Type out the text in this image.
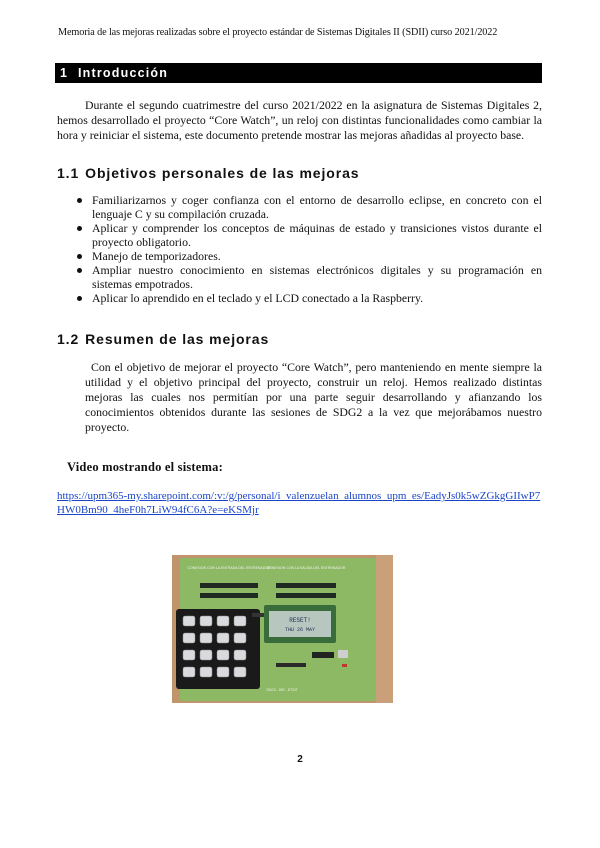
Memoria de las mejoras realizadas sobre el proyecto estándar de Sistemas Digitales II (SDII) curso 2021/2022
1 Introducción

Durante el segundo cuatrimestre del curso 2021/2022 en la asignatura de Sistemas Digitales 2, hemos desarrollado el proyecto “Core Watch”, un reloj con distintas funcionalidades como cambiar la hora y reiniciar el sistema, este documento pretende mostrar las mejoras añadidas al proyecto base.

1.1 Objetivos personales de las mejoras
Familiarizarnos y coger confianza con el entorno de desarrollo eclipse, en concreto con el lenguaje C y su compilación cruzada.
Aplicar y comprender los conceptos de máquinas de estado y transiciones vistos durante el proyecto obligatorio.
Manejo de temporizadores.
Ampliar nuestro conocimiento en sistemas electrónicos digitales y su programación en sistemas empotrados.
Aplicar lo aprendido en el teclado y el LCD conectado a la Raspberry.
1.2 Resumen de las mejoras

Con el objetivo de mejorar el proyecto “Core Watch”, pero manteniendo en mente siempre la utilidad y el objetivo principal del proyecto, construir un reloj. Hemos realizado distintas mejoras las cuales nos permitían por una parte seguir desarrollando y afianzando los conocimientos obtenidos durante las sesiones de SDG2 a la vez que mejorábamos nuestro proyecto.

Video mostrando el sistema:
https://upm365-my.sharepoint.com/:v:/g/personal/i_valenzuelan_alumnos_upm_es/EadyJs0k5wZGkgGIIwP7HW0Bm90_4heF0h7LiW94fC6A?e=eKSMjr
CONEXION CON LA ENTRADA DEL ENTRENADOR
CONEXION CON LA SALIDA DEL ENTRENADOR
RESET!
THU 26 MAY
SDG2 - DIE - ETSIT
2
